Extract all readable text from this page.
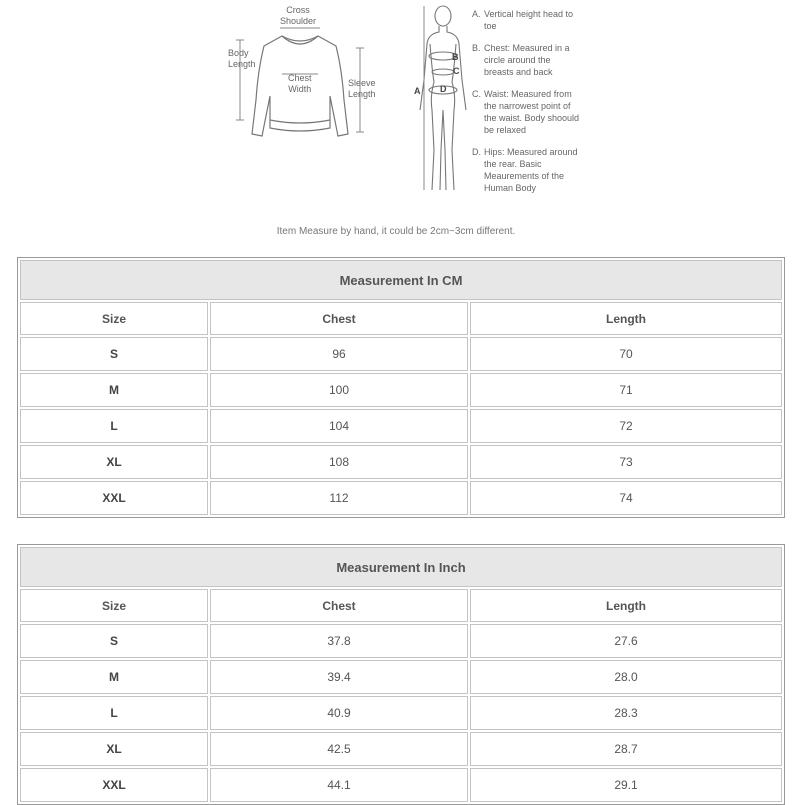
Cross
Shoulder
Body
Length
Chest
Width
Sleeve
Length	A
B
C
D
A. Vertical height head to toe
B. Chest: Measured in a circle around the breasts and back
C. Waist: Measured from the narrowest point of the waist. Body shoould be relaxed
D. Hips: Measured around the rear. Basic Meaurements of the Human Body
Item Measure by hand, it could be 2cm~3cm different.
Measurement In CM		
Size	Chest	Length
S	96	70
M	100	71
L	104	72
XL	108	73
XXL	112	74
Measurement In Inch		
Size	Chest	Length
S	37.8	27.6
M	39.4	28.0
L	40.9	28.3
XL	42.5	28.7
XXL	44.1	29.1
